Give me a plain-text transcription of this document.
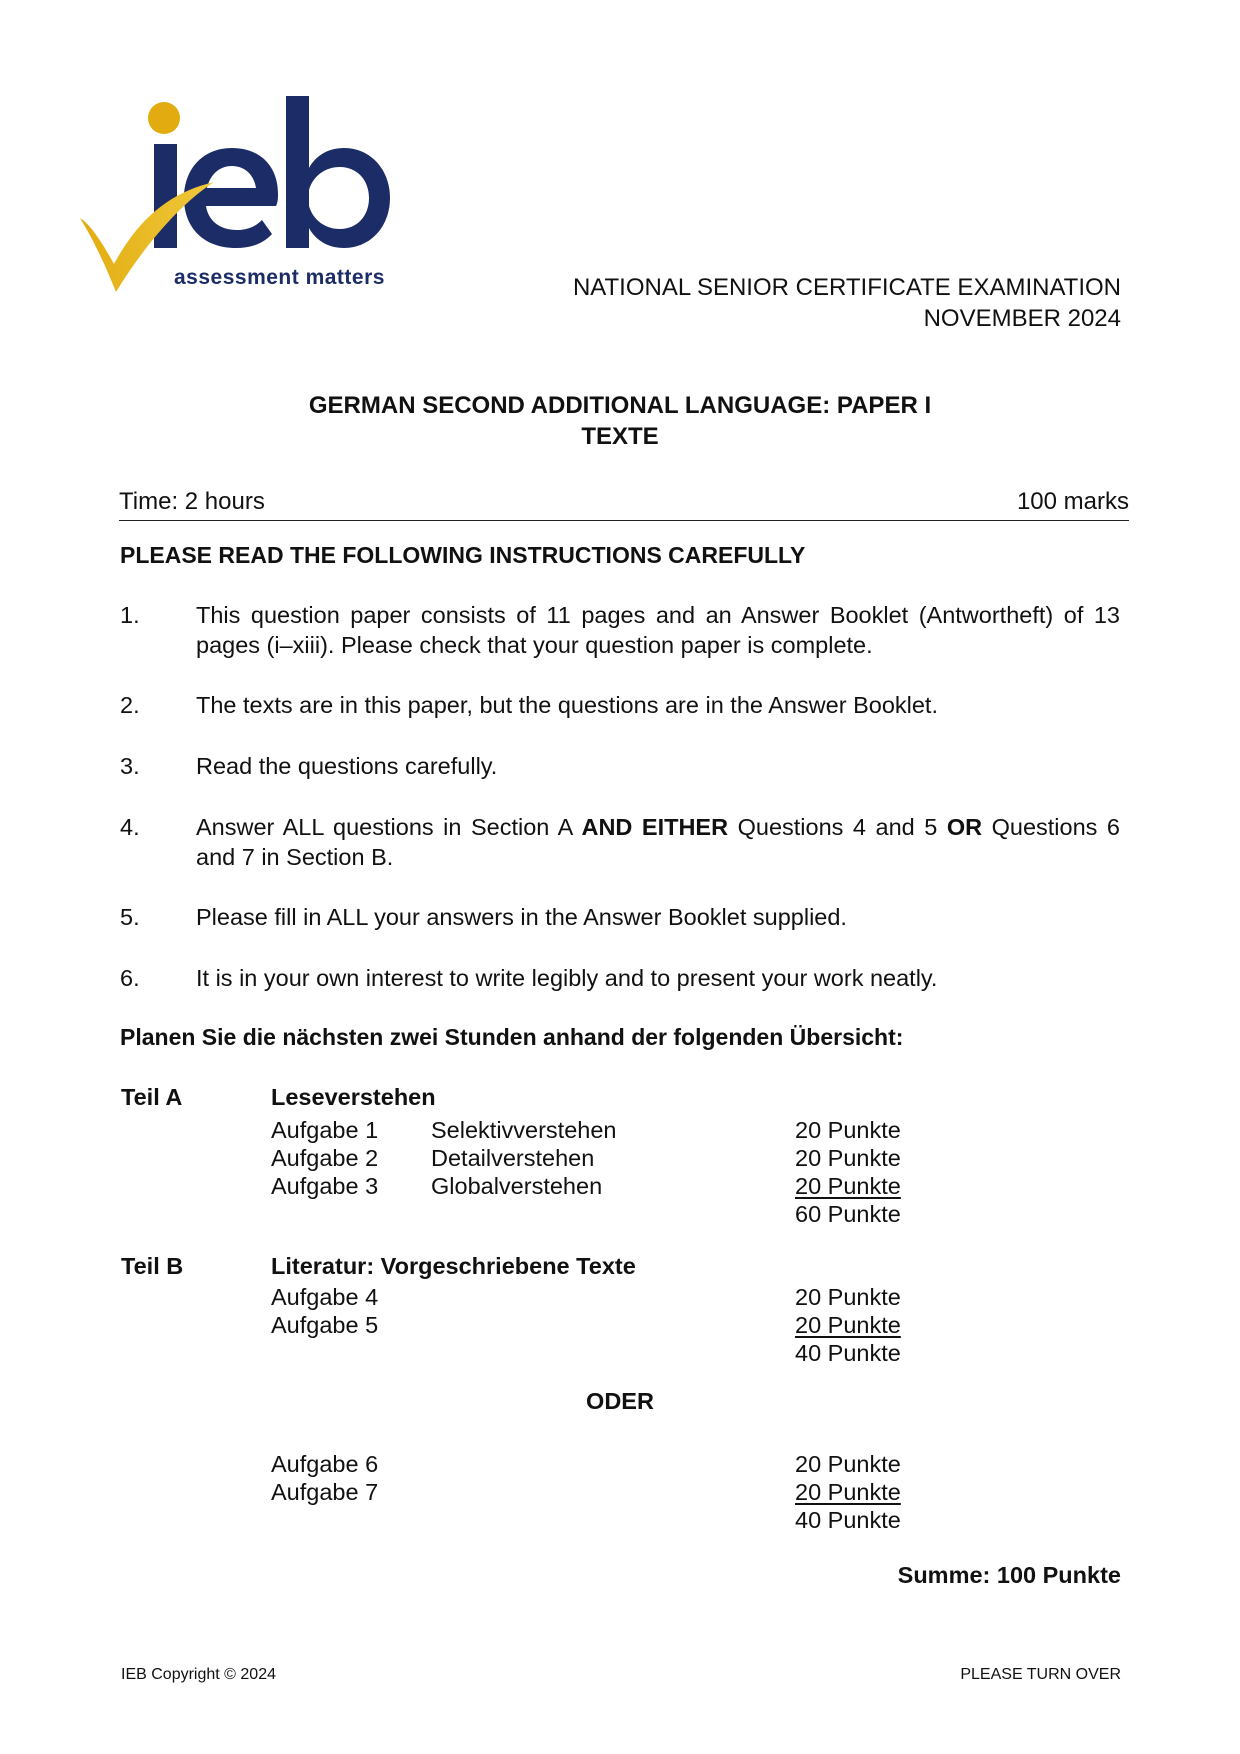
assessment matters	NATIONAL SENIOR CERTIFICATE EXAMINATION
NOVEMBER 2024
GERMAN SECOND ADDITIONAL LANGUAGE: PAPER I
TEXTE
Time: 2 hours	100 marks
PLEASE READ THE FOLLOWING INSTRUCTIONS CAREFULLY
1. This question paper consists of 11 pages and an Answer Booklet (Antwortheft) of 13 pages (i–xiii). Please check that your question paper is complete.
2. The texts are in this paper, but the questions are in the Answer Booklet.
3. Read the questions carefully.
4. Answer ALL questions in Section A AND EITHER Questions 4 and 5 OR Questions 6 and 7 in Section B.
5. Please fill in ALL your answers in the Answer Booklet supplied.
6. It is in your own interest to write legibly and to present your work neatly.
Planen Sie die nächsten zwei Stunden anhand der folgenden Übersicht:
Teil A	Leseverstehen
Aufgabe 1 Selektivverstehen	20 Punkte
Aufgabe 2 Detailverstehen	20 Punkte
Aufgabe 3 Globalverstehen	20 Punkte
60 Punkte
Teil B	Literatur: Vorgeschriebene Texte
Aufgabe 4	20 Punkte
Aufgabe 5	20 Punkte
40 Punkte
ODER
Aufgabe 6	20 Punkte
Aufgabe 7	20 Punkte
40 Punkte
Summe: 100 Punkte
IEB Copyright © 2024	PLEASE TURN OVER
